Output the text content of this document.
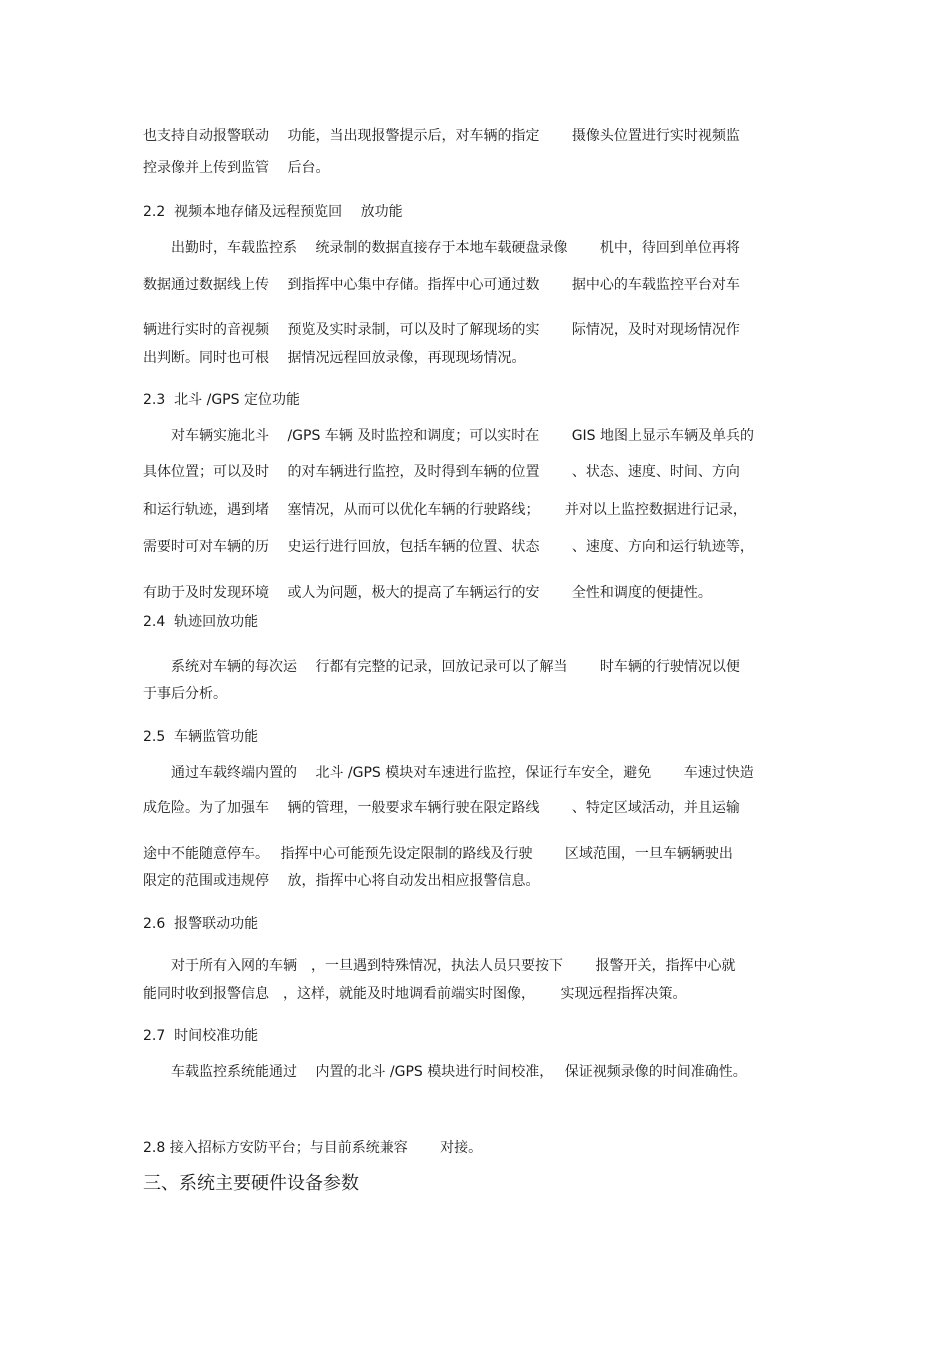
也支持自动报警联动　 功能，当出现报警提示后，对车辆的指定　　 摄像头位置进行实时视频监
控录像并上传到监管　 后台。
2.2  视频本地存储及远程预览回　 放功能
　　出勤时，车载监控系　 统录制的数据直接存于本地车载硬盘录像　　 机中，待回到单位再将
数据通过数据线上传　 到指挥中心集中存储。指挥中心可通过数　　 据中心的车载监控平台对车
辆进行实时的音视频　 预览及实时录制，可以及时了解现场的实　　 际情况，及时对现场情况作
出判断。同时也可根　 据情况远程回放录像，再现现场情况。
2.3  北斗 /GPS 定位功能
　　对车辆实施北斗　 /GPS 车辆 及时监控和调度；可以实时在　　 GIS 地图上显示车辆及单兵的
具体位置；可以及时　 的对车辆进行监控，及时得到车辆的位置　　 、状态、速度、时间、方向
和运行轨迹，遇到堵　 塞情况，从而可以优化车辆的行驶路线；　　 并对以上监控数据进行记录，
需要时可对车辆的历　 史运行进行回放，包括车辆的位置、状态　　 、速度、方向和运行轨迹等，
有助于及时发现环境　 或人为问题，极大的提高了车辆运行的安　　 全性和调度的便捷性。
2.4  轨迹回放功能
　　系统对车辆的每次运　 行都有完整的记录，回放记录可以了解当　　 时车辆的行驶情况以便
于事后分析。
2.5  车辆监管功能
　　通过车载终端内置的　 北斗 /GPS 模块对车速进行监控，保证行车安全，避免　　 车速过快造
成危险。为了加强车　 辆的管理，一般要求车辆行驶在限定路线　　 、特定区域活动，并且运输
途中不能随意停车。　 指挥中心可能预先设定限制的路线及行驶　　 区域范围，一旦车辆辆驶出
限定的范围或违规停　 放，指挥中心将自动发出相应报警信息。
2.6  报警联动功能
　　对于所有入网的车辆　，一旦遇到特殊情况，执法人员只要按下　　 报警开关，指挥中心就
能同时收到报警信息　，这样，就能及时地调看前端实时图像，　　 实现远程指挥决策。
2.7  时间校准功能
　　车载监控系统能通过　 内置的北斗 /GPS 模块进行时间校准，　 保证视频录像的时间准确性。
2.8 接入招标方安防平台；与目前系统兼容　　 对接。
三、系统主要硬件设备参数
